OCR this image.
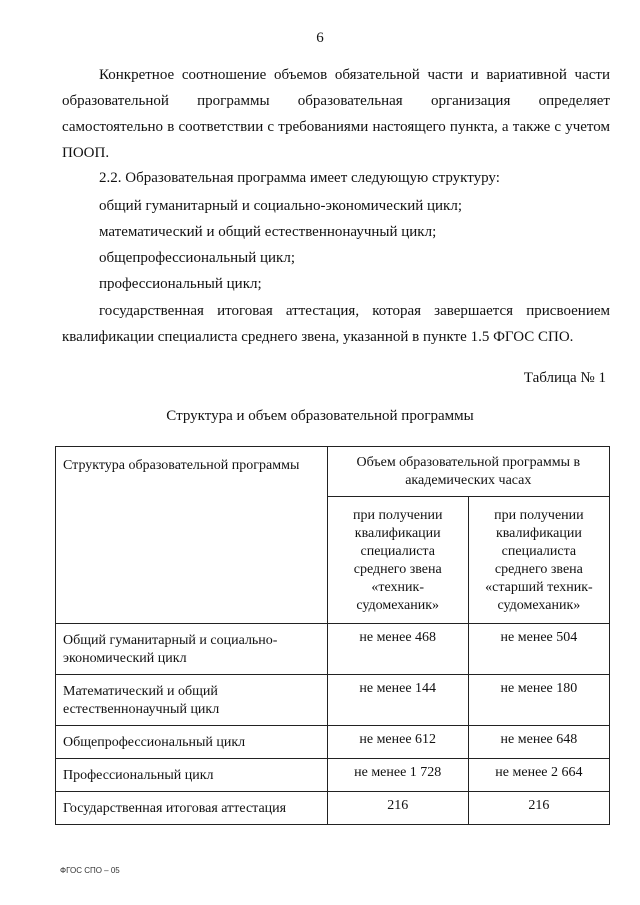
6
Конкретное соотношение объемов обязательной части и вариативной части
образовательной программы образовательная организация определяет
самостоятельно в соответствии с требованиями настоящего пункта, а также с учетом
ПООП.
2.2. Образовательная программа имеет следующую структуру:
общий гуманитарный и социально-экономический цикл;
математический и общий естественнонаучный цикл;
общепрофессиональный цикл;
профессиональный цикл;
государственная итоговая аттестация, которая завершается присвоением
квалификации специалиста среднего звена, указанной в пункте 1.5 ФГОС СПО.
Таблица № 1
Структура и объем образовательной программы
Структура образовательной программы	Объем образовательной программы в академических часах	
	при получении квалификации специалиста среднего звена «техник-судомеханик»	при получении квалификации специалиста среднего звена «старший техник-судомеханик»
Общий гуманитарный и социально-экономический цикл	не менее 468	не менее 504
Математический и общий естественнонаучный цикл	не менее 144	не менее 180
Общепрофессиональный цикл	не менее 612	не менее 648
Профессиональный цикл	не менее 1 728	не менее 2 664
Государственная итоговая аттестация	216	216
ФГОС СПО – 05
